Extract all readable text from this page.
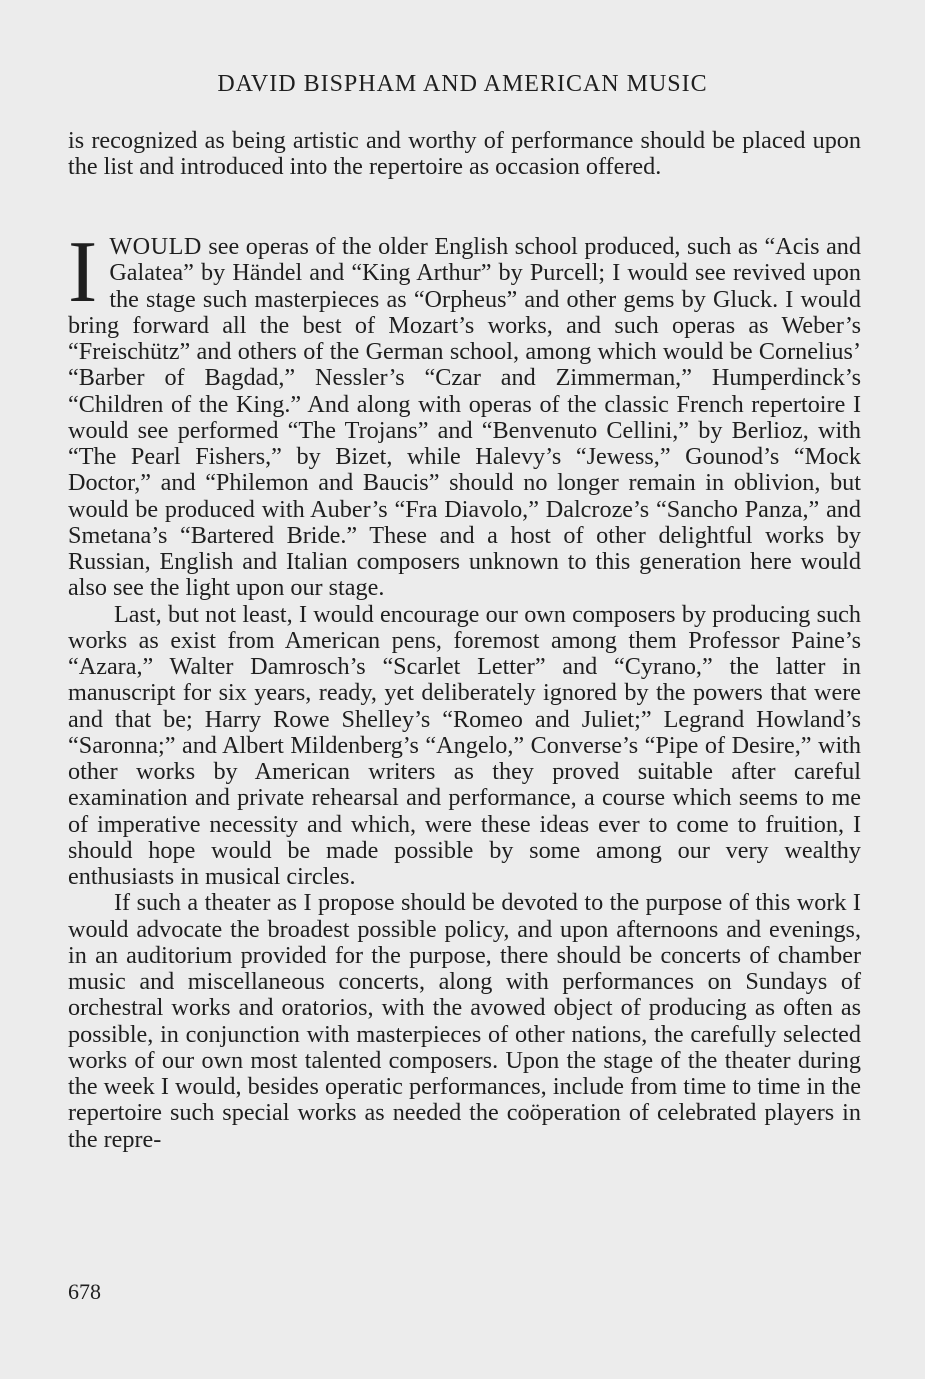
DAVID BISPHAM AND AMERICAN MUSIC

is recognized as being artistic and worthy of performance should be placed upon the list and introduced into the repertoire as occasion offered.

IWOULD see operas of the older English school produced, such as “Acis and Galatea” by Händel and “King Arthur” by Purcell; I would see revived upon the stage such masterpieces as “Orpheus” and other gems by Gluck. I would bring forward all the best of Mozart’s works, and such operas as Weber’s “Freischütz” and others of the German school, among which would be Cornelius’ “Barber of Bagdad,” Nessler’s “Czar and Zimmerman,” Humperdinck’s “Children of the King.” And along with operas of the classic French repertoire I would see performed “The Trojans” and “Benvenuto Cellini,” by Berlioz, with “The Pearl Fishers,” by Bizet, while Halevy’s “Jewess,” Gounod’s “Mock Doctor,” and “Philemon and Baucis” should no longer remain in oblivion, but would be produced with Auber’s “Fra Diavolo,” Dalcroze’s “Sancho Panza,” and Smetana’s “Bartered Bride.” These and a host of other delightful works by Russian, English and Italian composers unknown to this generation here would also see the light upon our stage.

Last, but not least, I would encourage our own composers by producing such works as exist from American pens, foremost among them Professor Paine’s “Azara,” Walter Damrosch’s “Scarlet Letter” and “Cyrano,” the latter in manuscript for six years, ready, yet deliberately ignored by the powers that were and that be; Harry Rowe Shelley’s “Romeo and Juliet;” Legrand Howland’s “Saronna;” and Albert Mildenberg’s “Angelo,” Converse’s “Pipe of Desire,” with other works by American writers as they proved suitable after careful examination and private rehearsal and performance, a course which seems to me of imperative necessity and which, were these ideas ever to come to fruition, I should hope would be made possible by some among our very wealthy enthusiasts in musical circles.

If such a theater as I propose should be devoted to the purpose of this work I would advocate the broadest possible policy, and upon afternoons and evenings, in an auditorium provided for the purpose, there should be concerts of chamber music and miscellaneous concerts, along with performances on Sundays of orchestral works and oratorios, with the avowed object of producing as often as possible, in conjunction with masterpieces of other nations, the carefully selected works of our own most talented composers. Upon the stage of the theater during the week I would, besides operatic performances, include from time to time in the repertoire such special works as needed the coöperation of celebrated players in the repre-

678
